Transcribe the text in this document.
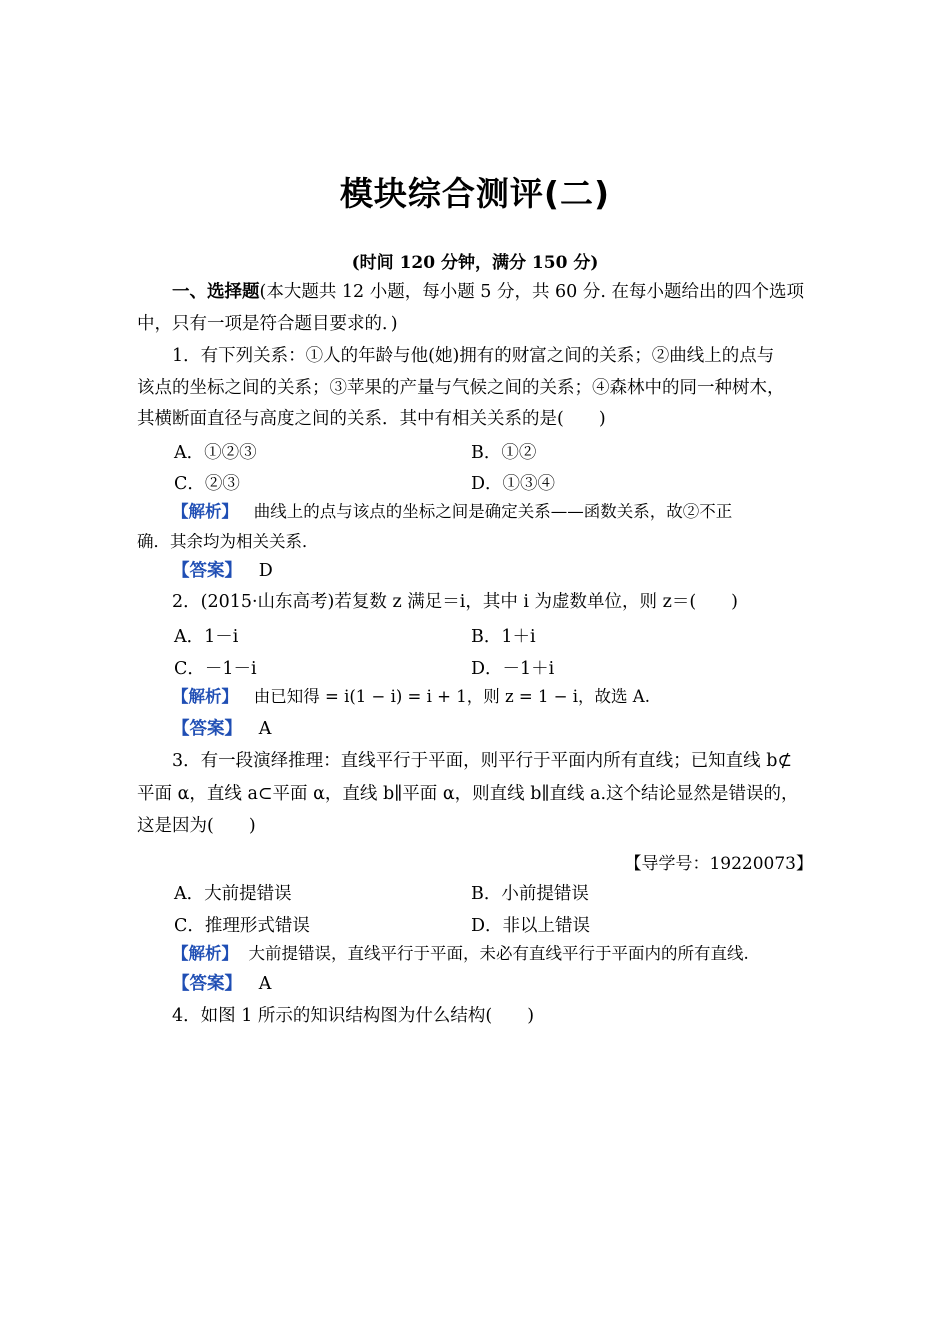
模块综合测评(二)
(时间 120 分钟，满分 150 分)
一、选择题(本大题共 12 小题，每小题 5 分，共 60 分. 在每小题给出的四个选项
中，只有一项是符合题目要求的．)
1．有下列关系：①人的年龄与他(她)拥有的财富之间的关系；②曲线上的点与
该点的坐标之间的关系；③苹果的产量与气候之间的关系；④森林中的同一种树木，
其横断面直径与高度之间的关系．其中有相关关系的是(　　)
A．①②③	B．①②
C．②③	D．①③④
【解析】 曲线上的点与该点的坐标之间是确定关系——函数关系，故②不正
确．其余均为相关关系．
【答案】 D
2．(2015·山东高考)若复数 z 满足＝i，其中 i 为虚数单位，则 z＝(　　)
A．1－i	B．1＋i
C．－1－i	D．－1＋i
【解析】 由已知得 = i(1 − i) = i + 1，则 z = 1 − i，故选 A.
【答案】 A
3．有一段演绎推理：直线平行于平面，则平行于平面内所有直线；已知直线 b⊄
平面 α，直线 a⊂平面 α，直线 b∥平面 α，则直线 b∥直线 a.这个结论显然是错误的，
这是因为(　　)
【导学号：19220073】
A．大前提错误	B．小前提错误
C．推理形式错误	D．非以上错误
【解析】 大前提错误，直线平行于平面，未必有直线平行于平面内的所有直线.
【答案】 A
4．如图 1 所示的知识结构图为什么结构(　　)
